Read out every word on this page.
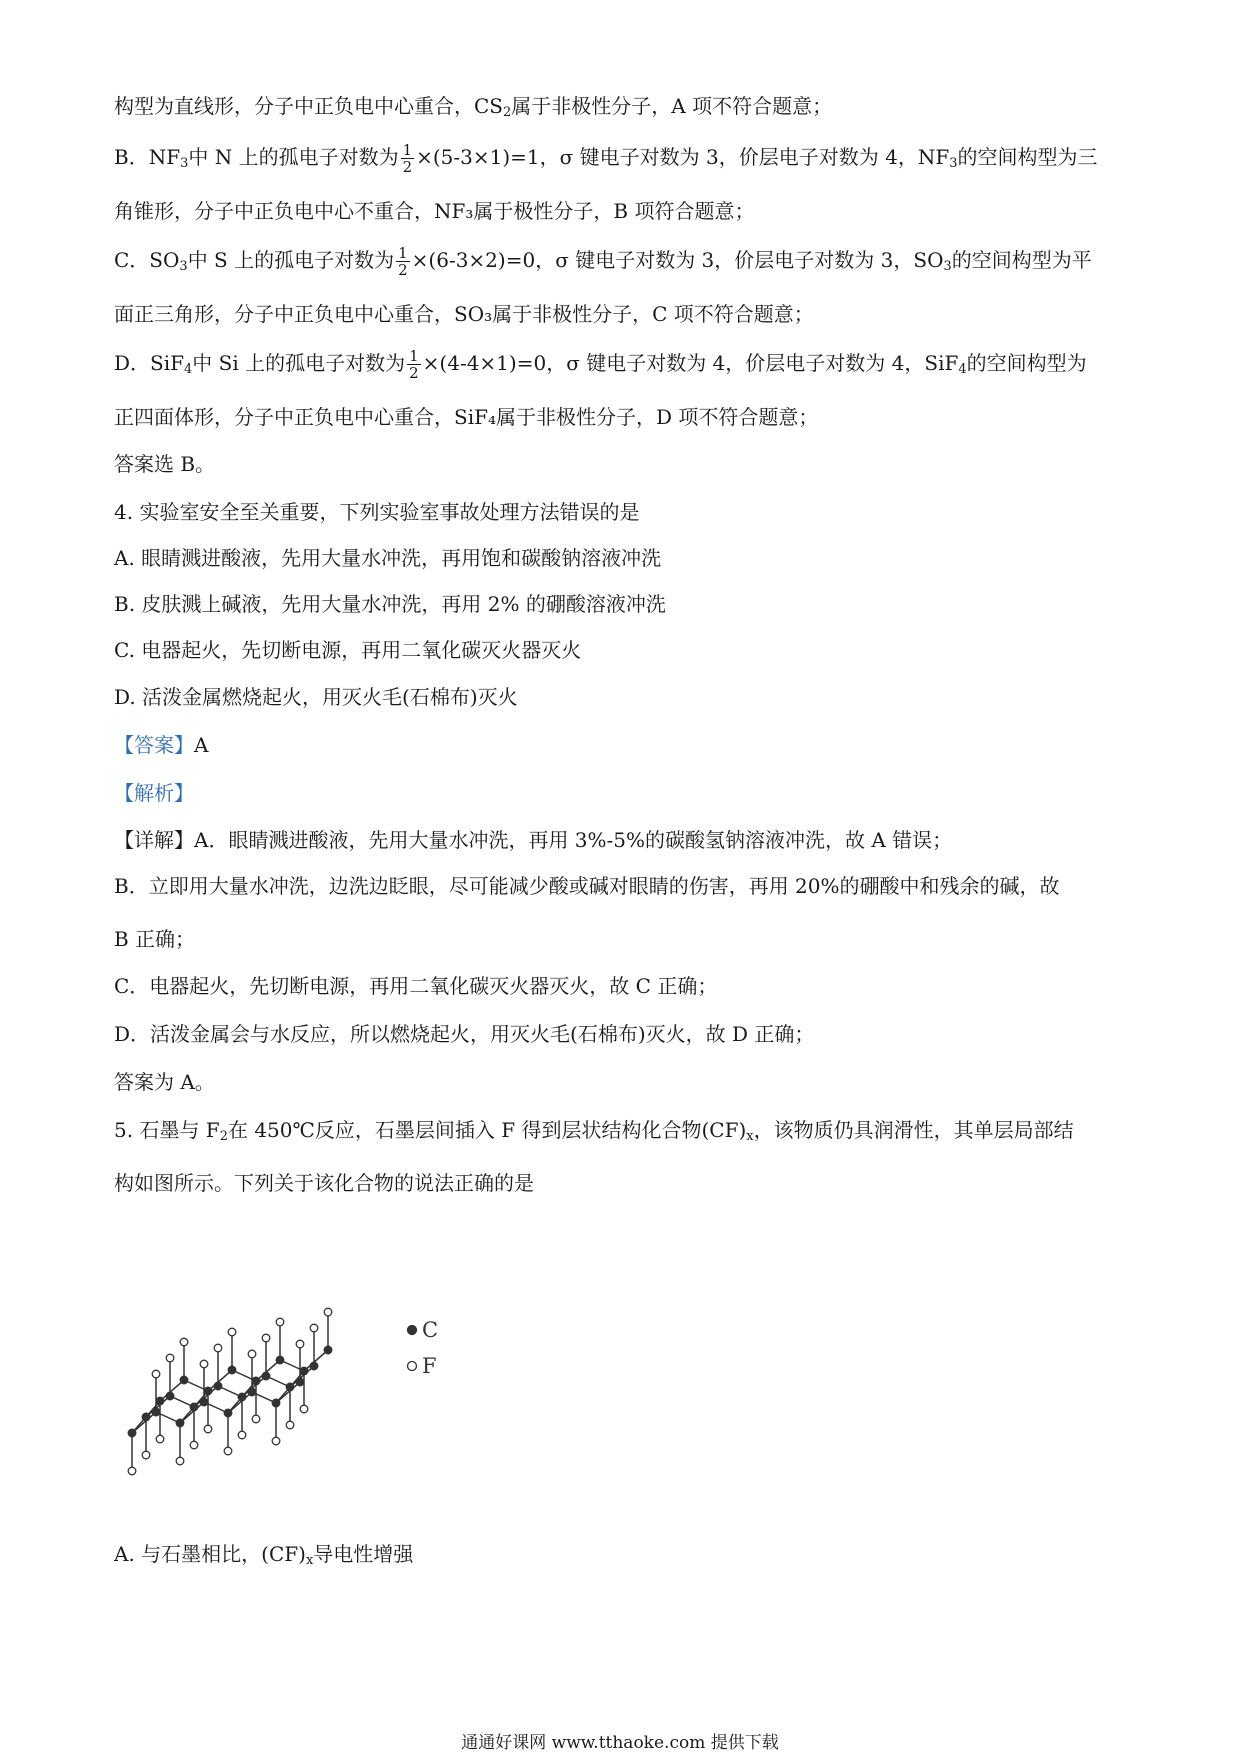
构型为直线形，分子中正负电中心重合，$CS_2$属于非极性分子，A 项不符合题意；
B．$NF_3$中 N 上的孤电子对数为 $\frac{1}{2} \times(5-3\times 1)=1$，σ 键电子对数为 3，价层电子对数为 4，$NF_3$的空间构型为三
角锥形，分子中正负电中心不重合，NF₃属于极性分子，B 项符合题意；
C．$SO_3$中 S 上的孤电子对数为 $\frac{1}{2} \times(6-3\times 2)=0$，σ 键电子对数为 3，价层电子对数为 3，$SO_3$的空间构型为平
面正三角形，分子中正负电中心重合，SO₃属于非极性分子，C 项不符合题意；
D．SiF$_4$中 Si 上的孤电子对数为 $\frac{1}{2} \times(4-4\times 1)=0$，σ 键电子对数为 4，价层电子对数为 4，SiF$_4$的空间构型为
正四面体形，分子中正负电中心重合，SiF₄属于非极性分子，D 项不符合题意；
答案选 B。
4. 实验室安全至关重要，下列实验室事故处理方法错误的是
A. 眼睛溅进酸液，先用大量水冲洗，再用饱和碳酸钠溶液冲洗
B. 皮肤溅上碱液，先用大量水冲洗，再用 2% 的硼酸溶液冲洗
C. 电器起火，先切断电源，再用二氧化碳灭火器灭火
D. 活泼金属燃烧起火，用灭火毛(石棉布)灭火
【答案】A
【解析】
【详解】A．眼睛溅进酸液，先用大量水冲洗，再用 3%-5%的碳酸氢钠溶液冲洗，故 A 错误；
B．立即用大量水冲洗，边洗边眨眼，尽可能减少酸或碱对眼睛的伤害，再用 20%的硼酸中和残余的碱，故
B 正确；
C．电器起火，先切断电源，再用二氧化碳灭火器灭火，故 C 正确；
D．活泼金属会与水反应，所以燃烧起火，用灭火毛(石棉布)灭火，故 D 正确；
答案为 A。
5. 石墨与 $F_2$在 450℃反应，石墨层间插入 F 得到层状结构化合物$(CF)_x$，该物质仍具润滑性，其单层局部结
构如图所示。下列关于该化合物的说法正确的是
C
F
A. 与石墨相比，$(CF)_x$导电性增强
通通好课网 www.tthaoke.com 提供下载
